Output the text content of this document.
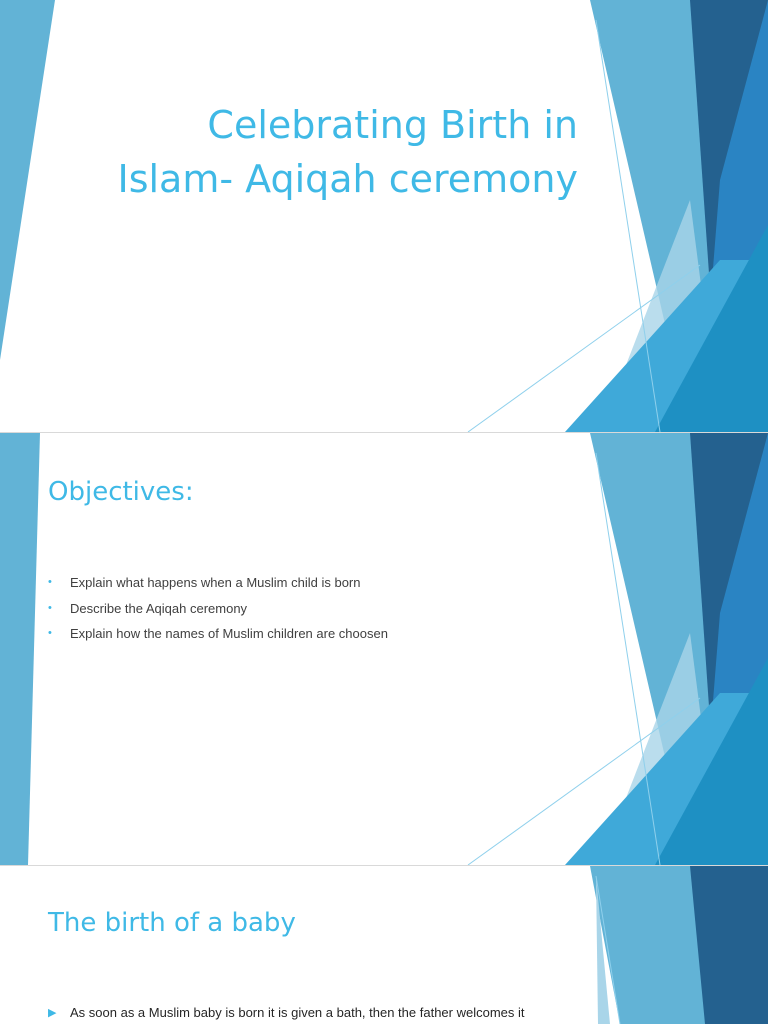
Celebrating Birth in
Islam- Aqiqah ceremony
Objectives:
• Explain what happens when a Muslim child is born
• Describe the Aqiqah ceremony
• Explain how the names of Muslim children are choosen
The birth of a baby
▶ As soon as a Muslim baby is born it is given a bath, then the father welcomes it
